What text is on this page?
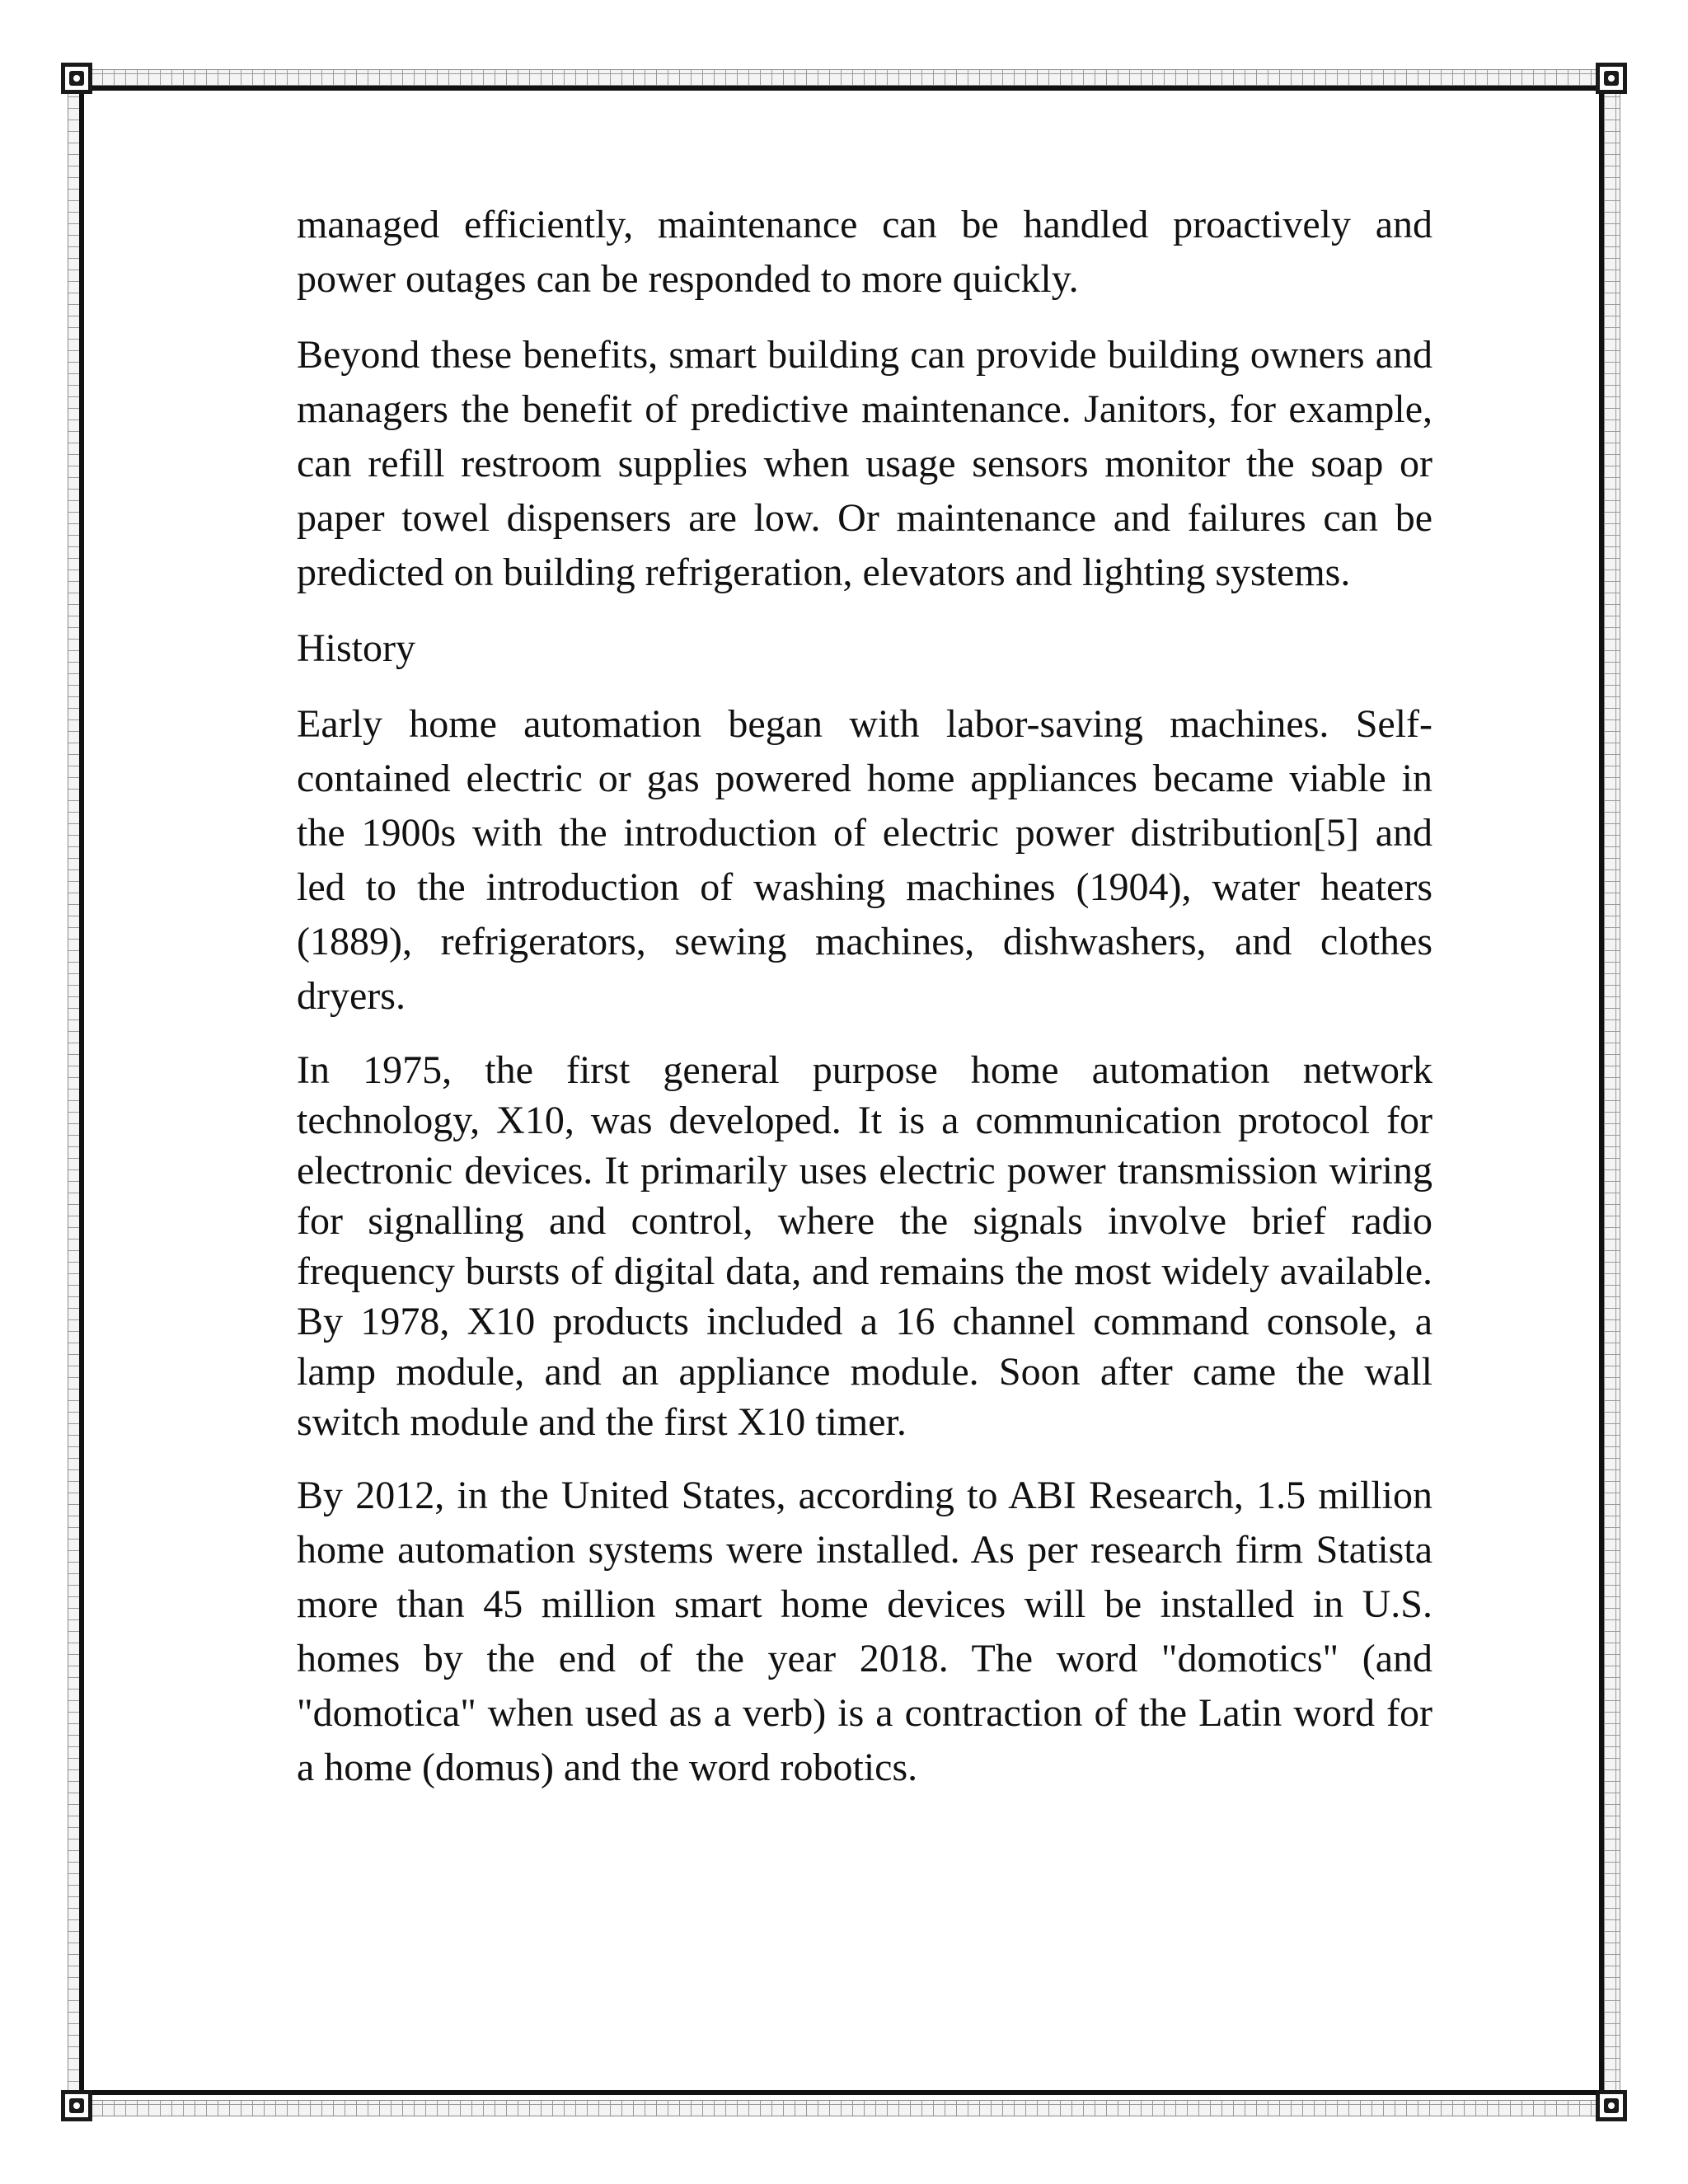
managed efficiently, maintenance can be handled proactively and power outages can be responded to more quickly.

Beyond these benefits, smart building can provide building owners and managers the benefit of predictive maintenance. Janitors, for example, can refill restroom supplies when usage sensors monitor the soap or paper towel dispensers are low. Or maintenance and failures can be predicted on building refrigeration, elevators and lighting systems.

History

Early home automation began with labor-saving machines. Self-contained electric or gas powered home appliances became viable in the 1900s with the introduction of electric power distribution[5] and led to the introduction of washing machines (1904), water heaters (1889), refrigerators, sewing machines, dishwashers, and clothes dryers.

In 1975, the first general purpose home automation network technology, X10, was developed. It is a communication protocol for electronic devices. It primarily uses electric power transmission wiring for signalling and control, where the signals involve brief radio frequency bursts of digital data, and remains the most widely available. By 1978, X10 products included a 16 channel command console, a lamp module, and an appliance module. Soon after came the wall switch module and the first X10 timer.

By 2012, in the United States, according to ABI Research, 1.5 million home automation systems were installed. As per research firm Statista more than 45 million smart home devices will be installed in U.S. homes by the end of the year 2018. The word "domotics" (and "domotica" when used as a verb) is a contraction of the Latin word for a home (domus) and the word robotics.
